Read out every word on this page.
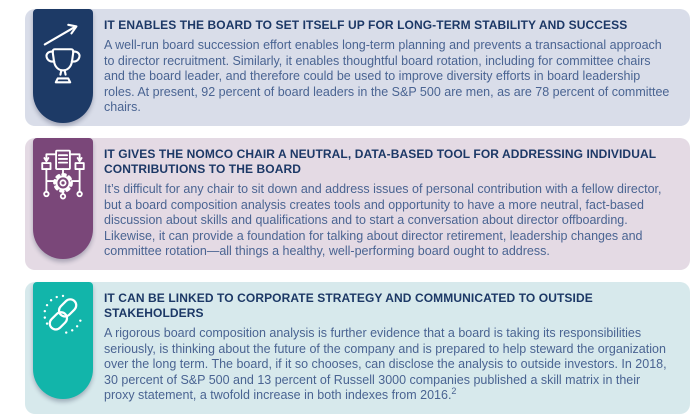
IT ENABLES THE BOARD TO SET ITSELF UP FOR LONG-TERM STABILITY AND SUCCESS

A well-run board succession effort enables long-term planning and prevents a transactional approach to director recruitment. Similarly, it enables thoughtful board rotation, including for committee chairs and the board leader, and therefore could be used to improve diversity efforts in board leadership roles. At present, 92 percent of board leaders in the S&P 500 are men, as are 78 percent of committee chairs.

IT GIVES THE NOMCO CHAIR A NEUTRAL, DATA-BASED TOOL FOR ADDRESSING INDIVIDUAL CONTRIBUTIONS TO THE BOARD

It’s difficult for any chair to sit down and address issues of personal contribution with a fellow director, but a board composition analysis creates tools and opportunity to have a more neutral, fact-based discussion about skills and qualifications and to start a conversation about director offboarding. Likewise, it can provide a foundation for talking about director retirement, leadership changes and committee rotation—all things a healthy, well-performing board ought to address.

IT CAN BE LINKED TO CORPORATE STRATEGY AND COMMUNICATED TO OUTSIDE STAKEHOLDERS

A rigorous board composition analysis is further evidence that a board is taking its responsibilities seriously, is thinking about the future of the company and is prepared to help steward the organization over the long term. The board, if it so chooses, can disclose the analysis to outside investors. In 2018, 30 percent of S&P 500 and 13 percent of Russell 3000 companies published a skill matrix in their proxy statement, a twofold increase in both indexes from 2016.$^2$
